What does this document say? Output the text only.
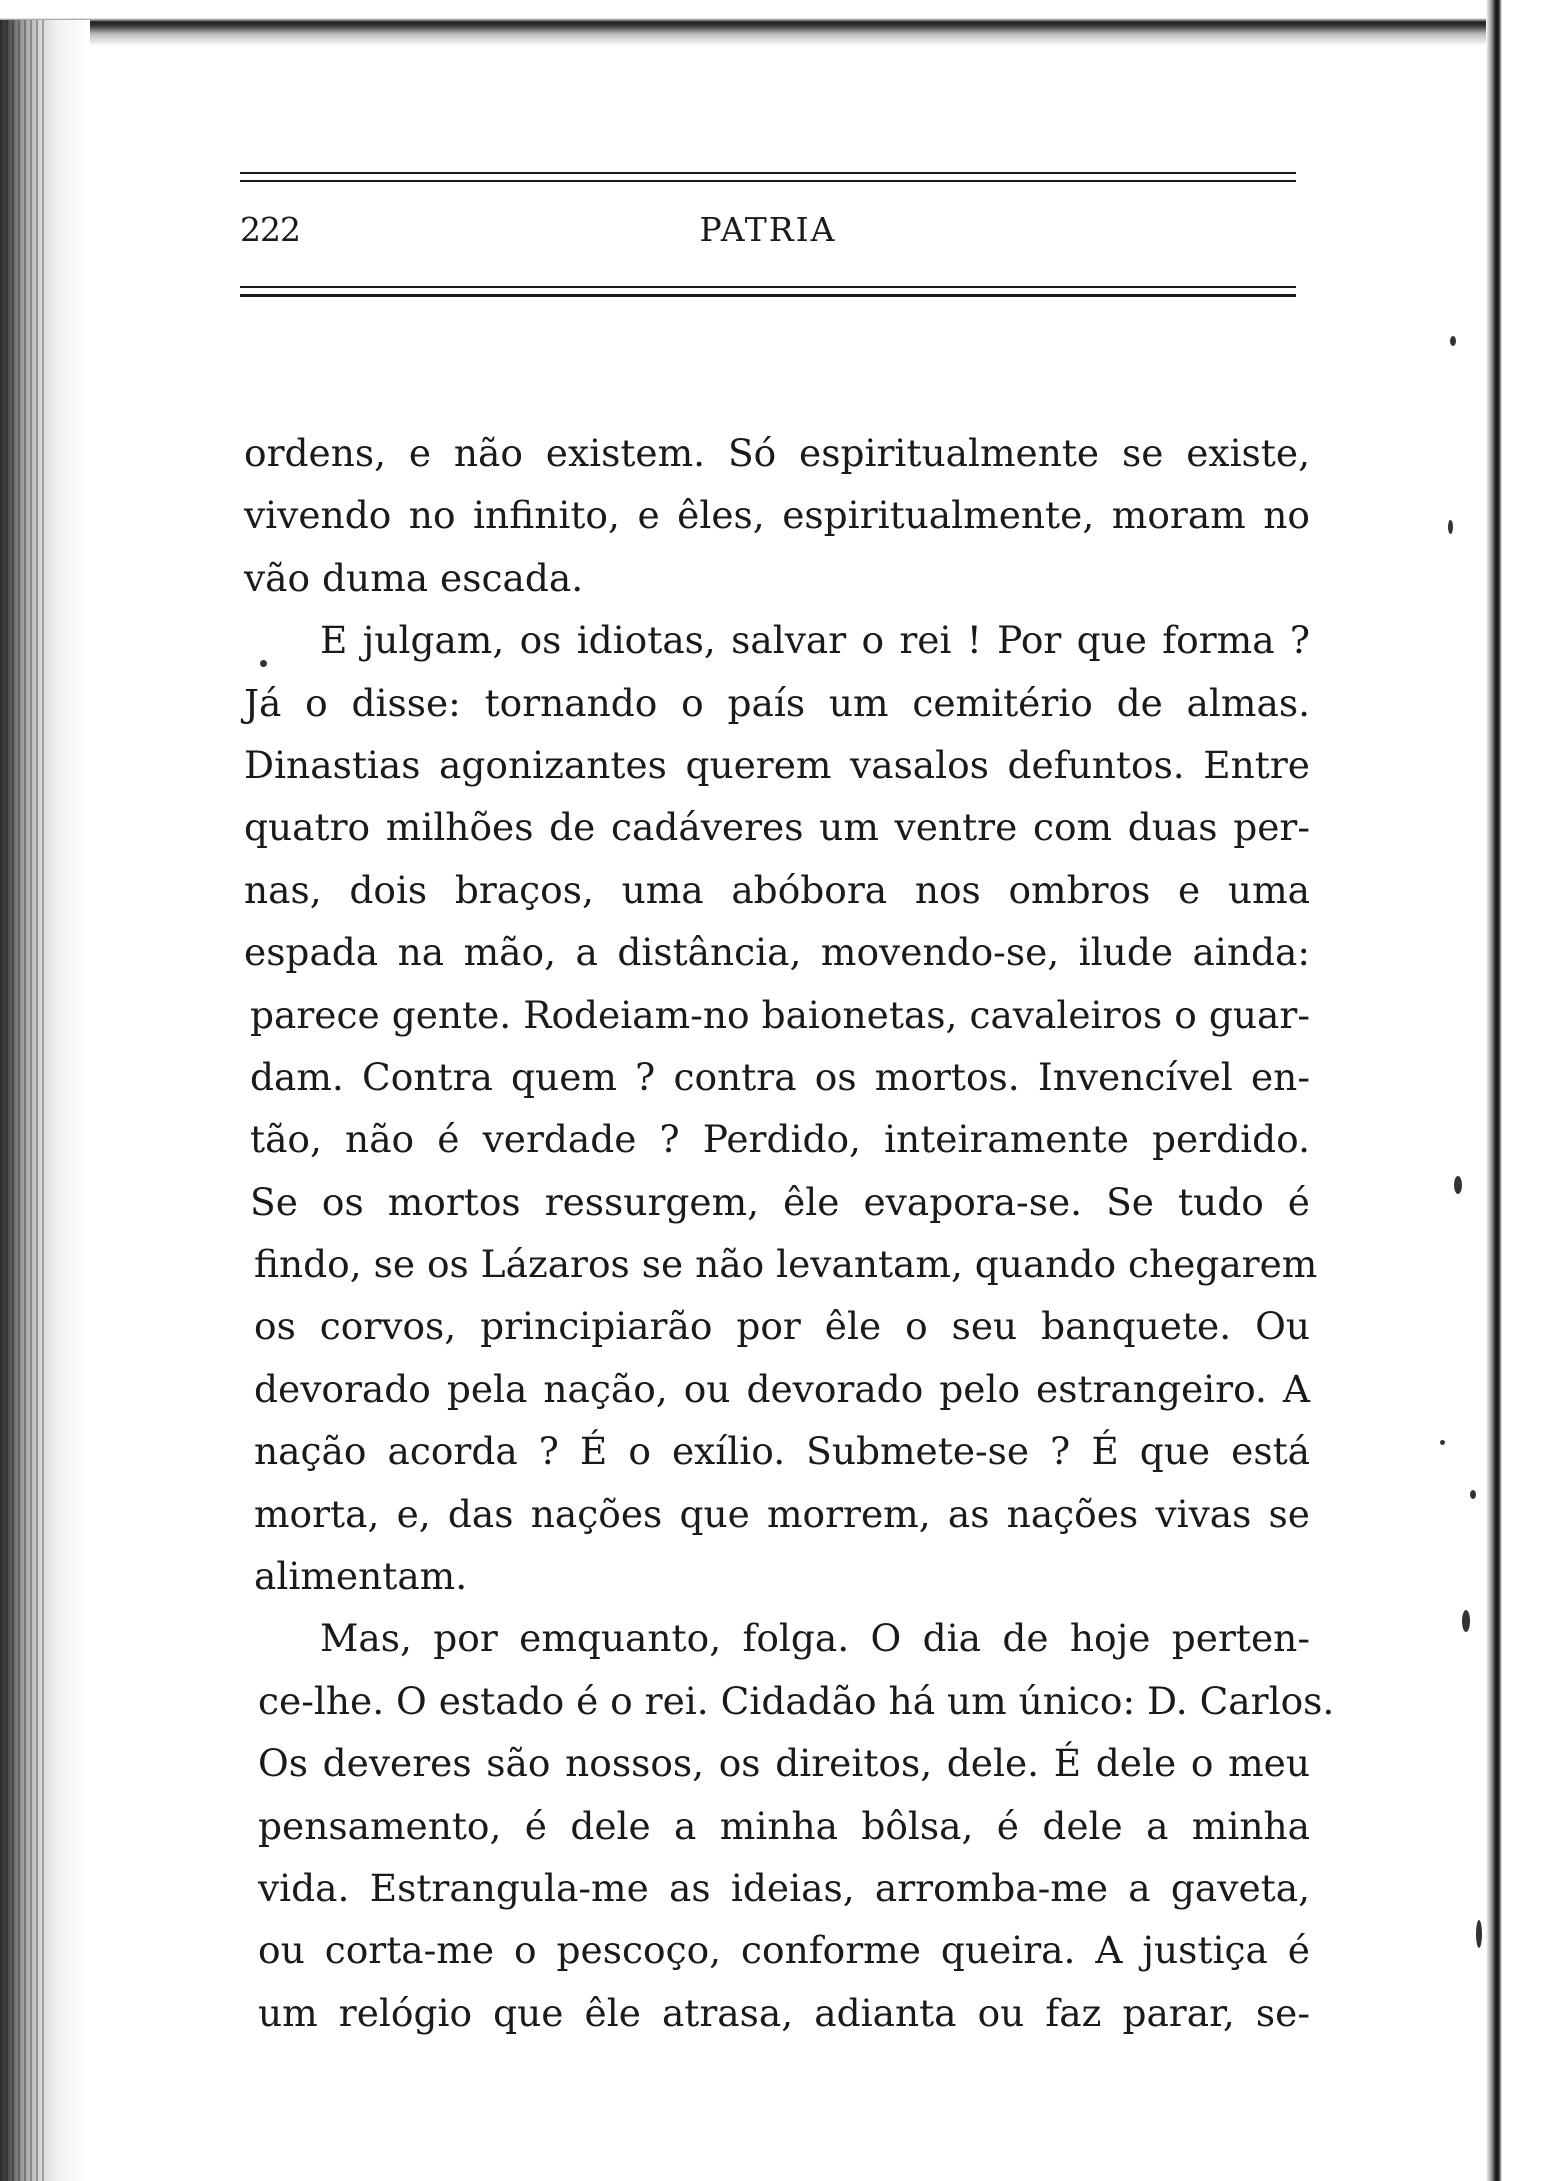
222	PATRIA
ordens, e não existem. Só espiritualmente se existe,
vivendo no infinito, e êles, espiritualmente, moram no
vão duma escada.
E julgam, os idiotas, salvar o rei ! Por que forma ?
Já o disse: tornando o país um cemitério de almas.
Dinastias agonizantes querem vasalos defuntos. Entre
quatro milhões de cadáveres um ventre com duas per-
nas, dois braços, uma abóbora nos ombros e uma
espada na mão, a distância, movendo-se, ilude ainda:
parece gente. Rodeiam-no baionetas, cavaleiros o guar-
dam. Contra quem ? contra os mortos. Invencível en-
tão, não é verdade ? Perdido, inteiramente perdido.
Se os mortos ressurgem, êle evapora-se. Se tudo é
findo, se os Lázaros se não levantam, quando chegarem
os corvos, principiarão por êle o seu banquete. Ou
devorado pela nação, ou devorado pelo estrangeiro. A
nação acorda ? É o exílio. Submete-se ? É que está
morta, e, das nações que morrem, as nações vivas se
alimentam.
Mas, por emquanto, folga. O dia de hoje perten-
ce-lhe. O estado é o rei. Cidadão há um único: D. Carlos.
Os deveres são nossos, os direitos, dele. É dele o meu
pensamento, é dele a minha bôlsa, é dele a minha
vida. Estrangula-me as ideias, arromba-me a gaveta,
ou corta-me o pescoço, conforme queira. A justiça é
um relógio que êle atrasa, adianta ou faz parar, se-
